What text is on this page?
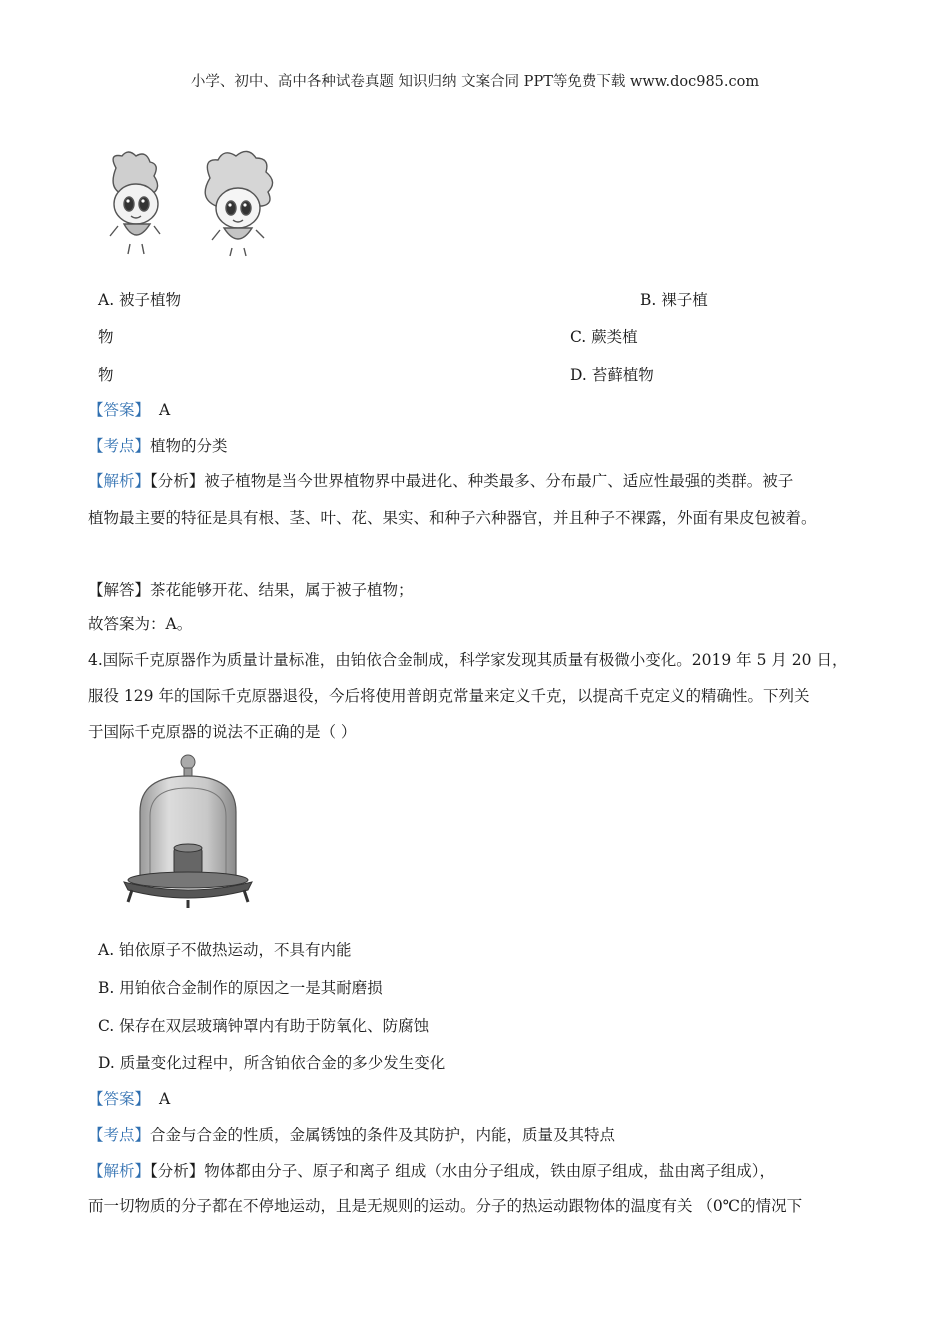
小学、初中、高中各种试卷真题 知识归纳 文案合同 PPT等免费下载 www.doc985.com
A. 被子植物	B. 裸子植
物	C. 蕨类植
物	D. 苔藓植物
【答案】 A
【考点】植物的分类
【解析】【分析】被子植物是当今世界植物界中最进化、种类最多、分布最广、适应性最强的类群。被子
植物最主要的特征是具有根、茎、叶、花、果实、和种子六种器官，并且种子不裸露，外面有果皮包被着。
【解答】茶花能够开花、结果，属于被子植物；
故答案为：A。
4.国际千克原器作为质量计量标准，由铂依合金制成，科学家发现其质量有极微小变化。2019 年 5 月 20 日，
服役 129 年的国际千克原器退役，今后将使用普朗克常量来定义千克，以提高千克定义的精确性。下列关
于国际千克原器的说法不正确的是（ ）
A. 铂依原子不做热运动，不具有内能
B. 用铂依合金制作的原因之一是其耐磨损
C. 保存在双层玻璃钟罩内有助于防氧化、防腐蚀
D. 质量变化过程中，所含铂依合金的多少发生变化
【答案】 A
【考点】合金与合金的性质，金属锈蚀的条件及其防护，内能，质量及其特点
【解析】【分析】物体都由分子、原子和离子 组成（水由分子组成，铁由原子组成，盐由离子组成），
而一切物质的分子都在不停地运动，且是无规则的运动。分子的热运动跟物体的温度有关 （0℃的情况下
